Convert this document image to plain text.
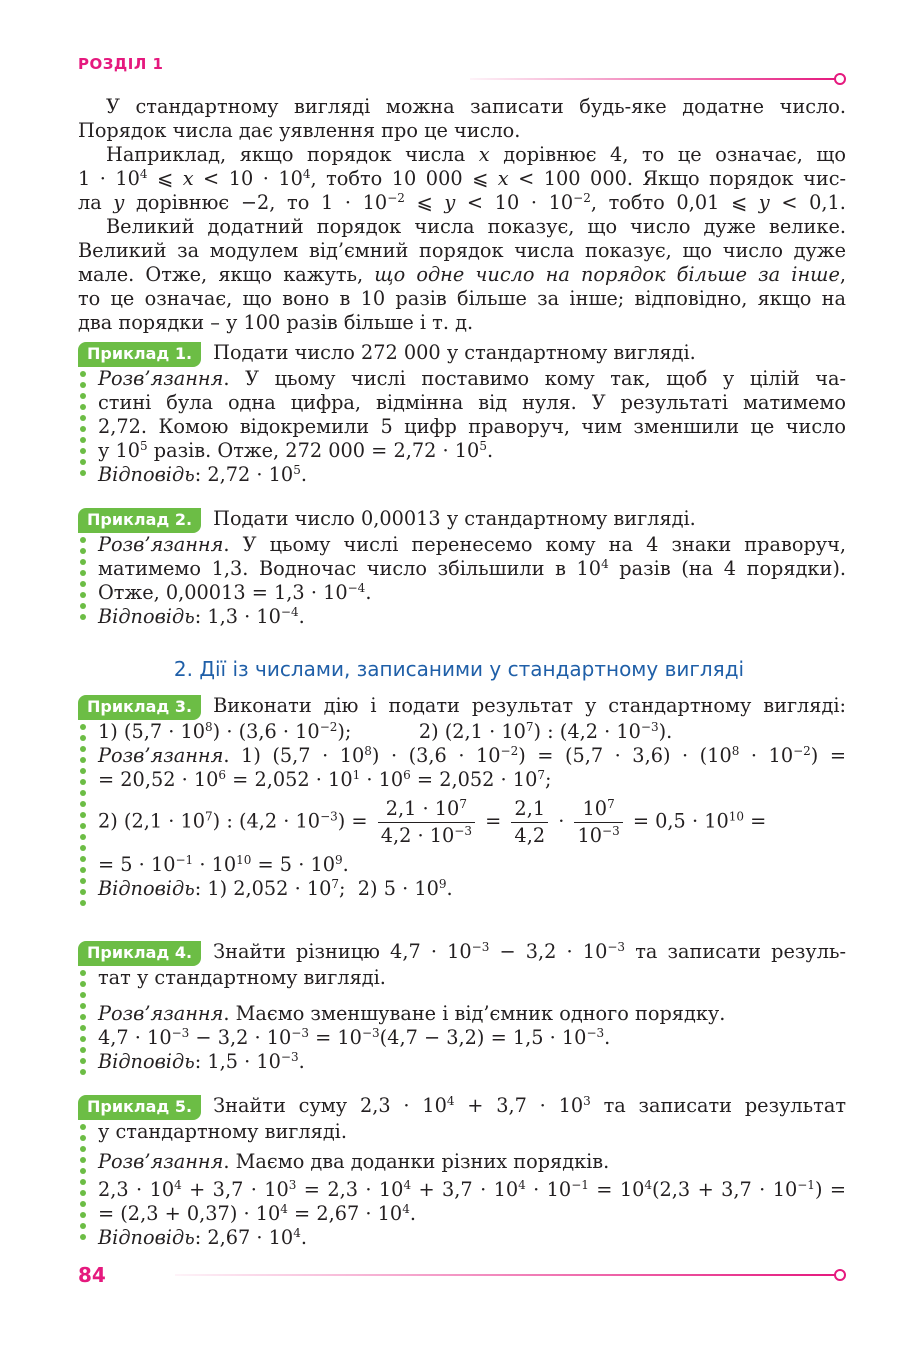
РОЗДІЛ 1
У стандартному вигляді можна записати будь-яке додатне число.
Порядок числа дає уявлення про це число.
Наприклад, якщо порядок числа x дорівнює 4, то це означає, що
$1 \cdot 10^4$ ⩽ $x < 10 \cdot 10^4$, тобто 10 000 ⩽ x < 100 000. Якщо порядок чис-
ла y дорівнює −2, то $1 \cdot 10^{-2}$ ⩽ $y < 10 \cdot 10^{-2}$, тобто 0,01 ⩽ y < 0,1.
Великий додатний порядок числа показує, що число дуже велике.
Великий за модулем від’ємний порядок числа показує, що число дуже
мале. Отже, якщо кажуть, що одне число на порядок більше за інше,
то це означає, що воно в 10 разів більше за інше; відповідно, якщо на
два порядки – у 100 разів більше і т. д.
Приклад 1. Подати число 272 000 у стандартному вигляді.
Розв’язання. У цьому числі поставимо кому так, щоб у цілій ча-
стині була одна цифра, відмінна від нуля. У результаті матимемо
2,72. Комою відокремили 5 цифр праворуч, чим зменшили це число
у $10^5$ разів. Отже, 272 $000 = 2,72 \cdot 10^5$.
Відповідь: $2,72 \cdot 10^5$.
Приклад 2. Подати число 0,00013 у стандартному вигляді.
Розв’язання. У цьому числі перенесемо кому на 4 знаки праворуч,
матимемо 1,3. Водночас число збільшили в $10^4$ разів (на 4 порядки).
Отже, $0,00013 = 1,3 \cdot 10^{-4}$.
Відповідь: $1,3 \cdot 10^{-4}$.
2. Дії із числами, записаними у стандартному вигляді
Приклад 3. Виконати дію і подати результат у стандартному вигляді:
1) $(5,7 \cdot 10^8) \cdot (3,6 \cdot 10^{-2})$;           2) $(2,1 \cdot 10^7)$ : $(4,2 \cdot 10^{-3})$.
Розв’язання. 1) $(5,7 \cdot 10^8) \cdot (3,6 \cdot 10^{-2}) = (5,7 \cdot 3,6) \cdot (10^8 \cdot 10^{-2})$ =
= $20,52 \cdot 10^6 = 2,052 \cdot 10^1 \cdot 10^6 = 2,052 \cdot 10^7$;
2) $(2,1 \cdot 10^7)$ : $(4,2 \cdot 10^{-3}) = \frac{2,1 \cdot 10^7}{4,2 \cdot 10^{-3}} = \frac{2,1}{4,2} \cdot \frac{10^7}{10^{-3}} = 0,5 \cdot 10^{10}$ =
= $5 \cdot 10^{-1} \cdot 10^{10} = 5 \cdot 10^9$.
Відповідь: 1) $2,052 \cdot 10^7$;  2) $5 \cdot 10^9$.
Приклад 4. Знайти різницю $4,7 \cdot 10^{-3} - 3,2 \cdot 10^{-3}$ та записати резуль-
тат у стандартному вигляді.
Розв’язання. Маємо зменшуване і від’ємник одного порядку.
$4,7 \cdot 10^{-3} - 3,2 \cdot 10^{-3} = 10^{-3}(4,7 - 3,2) = 1,5 \cdot 10^{-3}$.
Відповідь: $1,5 \cdot 10^{-3}$.
Приклад 5. Знайти суму $2,3 \cdot 10^4 + 3,7 \cdot 10^3$ та записати результат
у стандартному вигляді.
Розв’язання. Маємо два доданки різних порядків.
$2,3 \cdot 10^4 + 3,7 \cdot 10^3 = 2,3 \cdot 10^4 + 3,7 \cdot 10^4 \cdot 10^{-1} = 10^4(2,3 + 3,7 \cdot 10^{-1})$ =
= $(2,3 + 0,37) \cdot 10^4 = 2,67 \cdot 10^4$.
Відповідь: $2,67 \cdot 10^4$.
84
